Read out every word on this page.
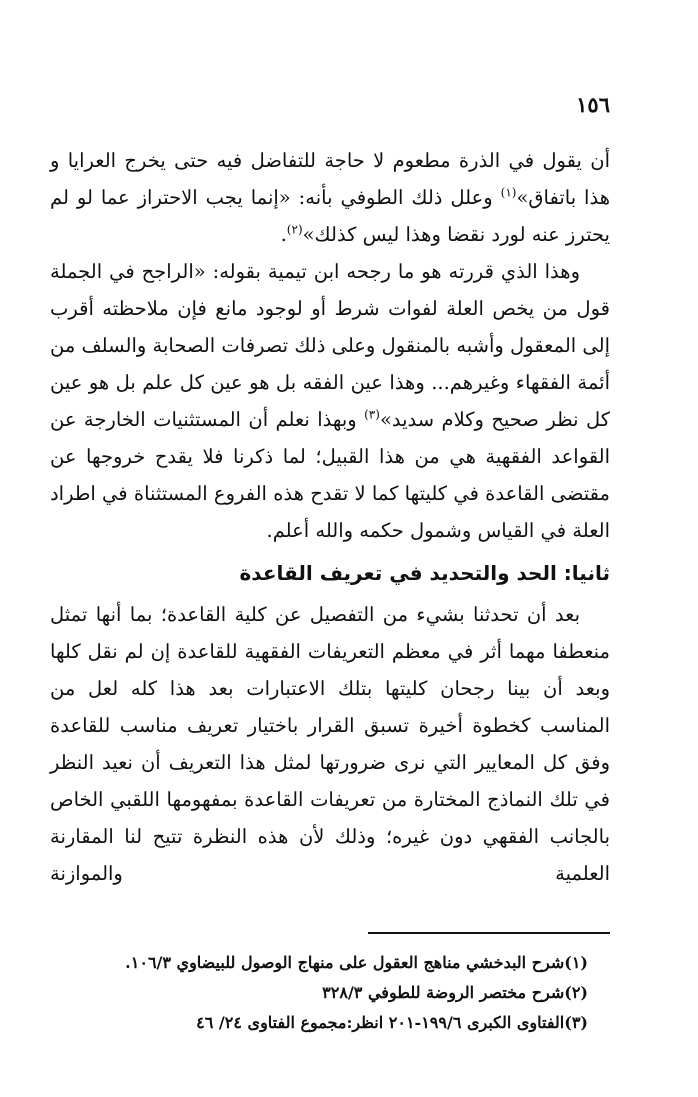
١٥٦

أن يقول في الذرة مطعوم لا حاجة للتفاضل فيه حتى يخرج العرايا و هذا باتفاق»$^{(١)}$ وعلل ذلك الطوفي بأنه: «إنما يجب الاحتراز عما لو لم يحترز عنه لورد نقضا وهذا ليس كذلك»$^{(٢)}$.

وهذا الذي قررته هو ما رجحه ابن تيمية بقوله: «الراجح في الجملة قول من يخص العلة لفوات شرط أو لوجود مانع فإن ملاحظته أقرب إلى المعقول وأشبه بالمنقول وعلى ذلك تصرفات الصحابة والسلف من أئمة الفقهاء وغيرهم... وهذا عين الفقه بل هو عين كل علم بل هو عين كل نظر صحيح وكلام سديد»$^{(٣)}$ وبهذا نعلم أن المستثنيات الخارجة عن القواعد الفقهية هي من هذا القبيل؛ لما ذكرنا فلا يقدح خروجها عن مقتضى القاعدة في كليتها كما لا تقدح هذه الفروع المستثناة في اطراد العلة في القياس وشمول حكمه والله أعلم.

ثانيا: الحد والتحديد في تعريف القاعدة

بعد أن تحدثنا بشيء من التفصيل عن كلية القاعدة؛ بما أنها تمثل منعطفا مهما أثر في معظم التعريفات الفقهية للقاعدة إن لم نقل كلها وبعد أن بينا رجحان كليتها بتلك الاعتبارات بعد هذا كله لعل من المناسب كخطوة أخيرة تسبق القرار باختيار تعريف مناسب للقاعدة وفق كل المعايير التي نرى ضرورتها لمثل هذا التعريف أن نعيد النظر في تلك النماذج المختارة من تعريفات القاعدة بمفهومها اللقبي الخاص بالجانب الفقهي دون غيره؛ وذلك لأن هذه النظرة تتيح لنا المقارنة العلمية والموازنة

(١)شرح البدخشي مناهج العقول على منهاج الوصول للبيضاوي ١٠٦/٣.
(٢)شرح مختصر الروضة للطوفي ٣٢٨/٣
(٣)الفتاوى الكبرى ١٩٩/٦-٢٠١ انظر:مجموع الفتاوى ٢٤/ ٤٦
